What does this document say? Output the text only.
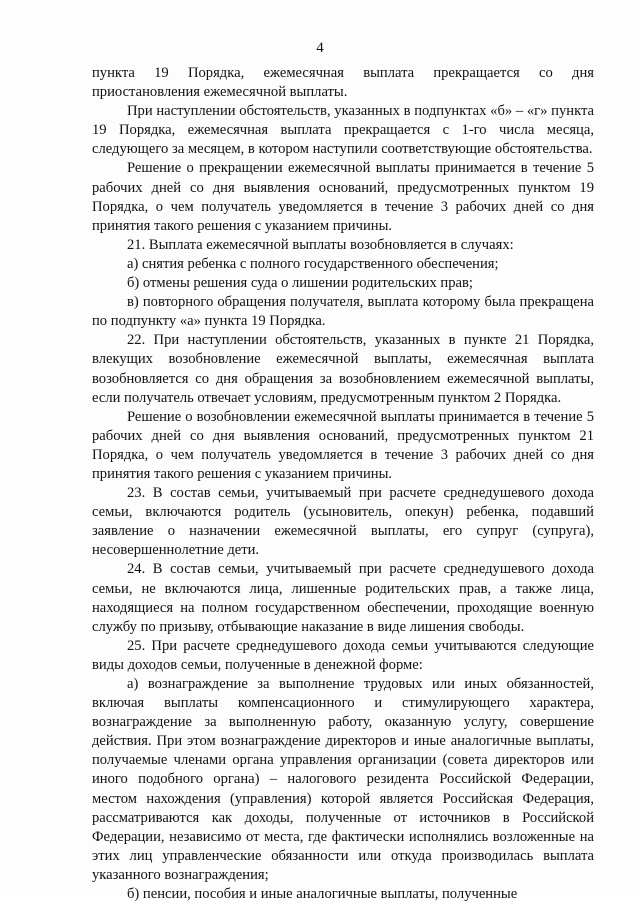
4

пункта 19 Порядка, ежемесячная выплата прекращается со дня приостановления ежемесячной выплаты.

При наступлении обстоятельств, указанных в подпунктах «б» – «г» пункта 19 Порядка, ежемесячная выплата прекращается с 1-го числа месяца, следующего за месяцем, в котором наступили соответствующие обстоятельства.

Решение о прекращении ежемесячной выплаты принимается в течение 5 рабочих дней со дня выявления оснований, предусмотренных пунктом 19 Порядка, о чем получатель уведомляется в течение 3 рабочих дней со дня принятия такого решения с указанием причины.

21. Выплата ежемесячной выплаты возобновляется в случаях:

а) снятия ребенка с полного государственного обеспечения;

б) отмены решения суда о лишении родительских прав;

в) повторного обращения получателя, выплата которому была прекращена по подпункту «а» пункта 19 Порядка.

22. При наступлении обстоятельств, указанных в пункте 21 Порядка, влекущих возобновление ежемесячной выплаты, ежемесячная выплата возобновляется со дня обращения за возобновлением ежемесячной выплаты, если получатель отвечает условиям, предусмотренным пунктом 2 Порядка.

Решение о возобновлении ежемесячной выплаты принимается в течение 5 рабочих дней со дня выявления оснований, предусмотренных пунктом 21 Порядка, о чем получатель уведомляется в течение 3 рабочих дней со дня принятия такого решения с указанием причины.

23. В состав семьи, учитываемый при расчете среднедушевого дохода семьи, включаются родитель (усыновитель, опекун) ребенка, подавший заявление о назначении ежемесячной выплаты, его супруг (супруга), несовершеннолетние дети.

24. В состав семьи, учитываемый при расчете среднедушевого дохода семьи, не включаются лица, лишенные родительских прав, а также лица, находящиеся на полном государственном обеспечении, проходящие военную службу по призыву, отбывающие наказание в виде лишения свободы.

25. При расчете среднедушевого дохода семьи учитываются следующие виды доходов семьи, полученные в денежной форме:

а) вознаграждение за выполнение трудовых или иных обязанностей, включая выплаты компенсационного и стимулирующего характера, вознаграждение за выполненную работу, оказанную услугу, совершение действия. При этом вознаграждение директоров и иные аналогичные выплаты, получаемые членами органа управления организации (совета директоров или иного подобного органа) – налогового резидента Российской Федерации, местом нахождения (управления) которой является Российская Федерация, рассматриваются как доходы, полученные от источников в Российской Федерации, независимо от места, где фактически исполнялись возложенные на этих лиц управленческие обязанности или откуда производилась выплата указанного вознаграждения;

б) пенсии, пособия и иные аналогичные выплаты, полученные
